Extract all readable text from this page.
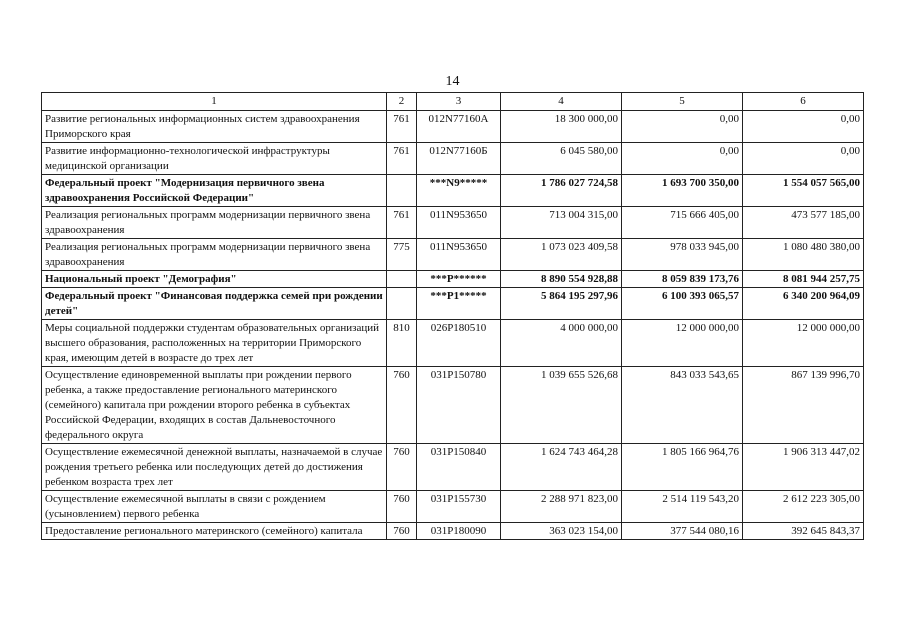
14
1	2	3	4	5	6
Развитие региональных информационных систем здравоохранения Приморского края	761	012N77160A	18 300 000,00	0,00	0,00
Развитие информационно-технологической инфраструктуры медицинской организации	761	012N77160Б	6 045 580,00	0,00	0,00
Федеральный проект "Модернизация первичного звена здравоохранения Российской Федерации"		***N9*****	1 786 027 724,58	1 693 700 350,00	1 554 057 565,00
Реализация региональных программ модернизации первичного звена здравоохранения	761	011N953650	713 004 315,00	715 666 405,00	473 577 185,00
Реализация региональных программ модернизации первичного звена здравоохранения	775	011N953650	1 073 023 409,58	978 033 945,00	1 080 480 380,00
Национальный проект "Демография"		***P******	8 890 554 928,88	8 059 839 173,76	8 081 944 257,75
Федеральный проект "Финансовая поддержка семей при рождении детей"		***P1*****	5 864 195 297,96	6 100 393 065,57	6 340 200 964,09
Меры социальной поддержки студентам образовательных организаций высшего образования, расположенных на территории Приморского края, имеющим детей в возрасте до трех лет	810	026P180510	4 000 000,00	12 000 000,00	12 000 000,00
Осуществление единовременной выплаты при рождении первого ребенка, а также предоставление регионального материнского (семейного) капитала при рождении второго ребенка в субъектах Российской Федерации, входящих в состав Дальневосточного федерального округа	760	031P150780	1 039 655 526,68	843 033 543,65	867 139 996,70
Осуществление ежемесячной денежной выплаты, назначаемой в случае рождения третьего ребенка или последующих детей до достижения ребенком возраста трех лет	760	031P150840	1 624 743 464,28	1 805 166 964,76	1 906 313 447,02
Осуществление ежемесячной выплаты в связи с рождением (усыновлением) первого ребенка	760	031P155730	2 288 971 823,00	2 514 119 543,20	2 612 223 305,00
Предоставление регионального материнского (семейного) капитала	760	031P180090	363 023 154,00	377 544 080,16	392 645 843,37
